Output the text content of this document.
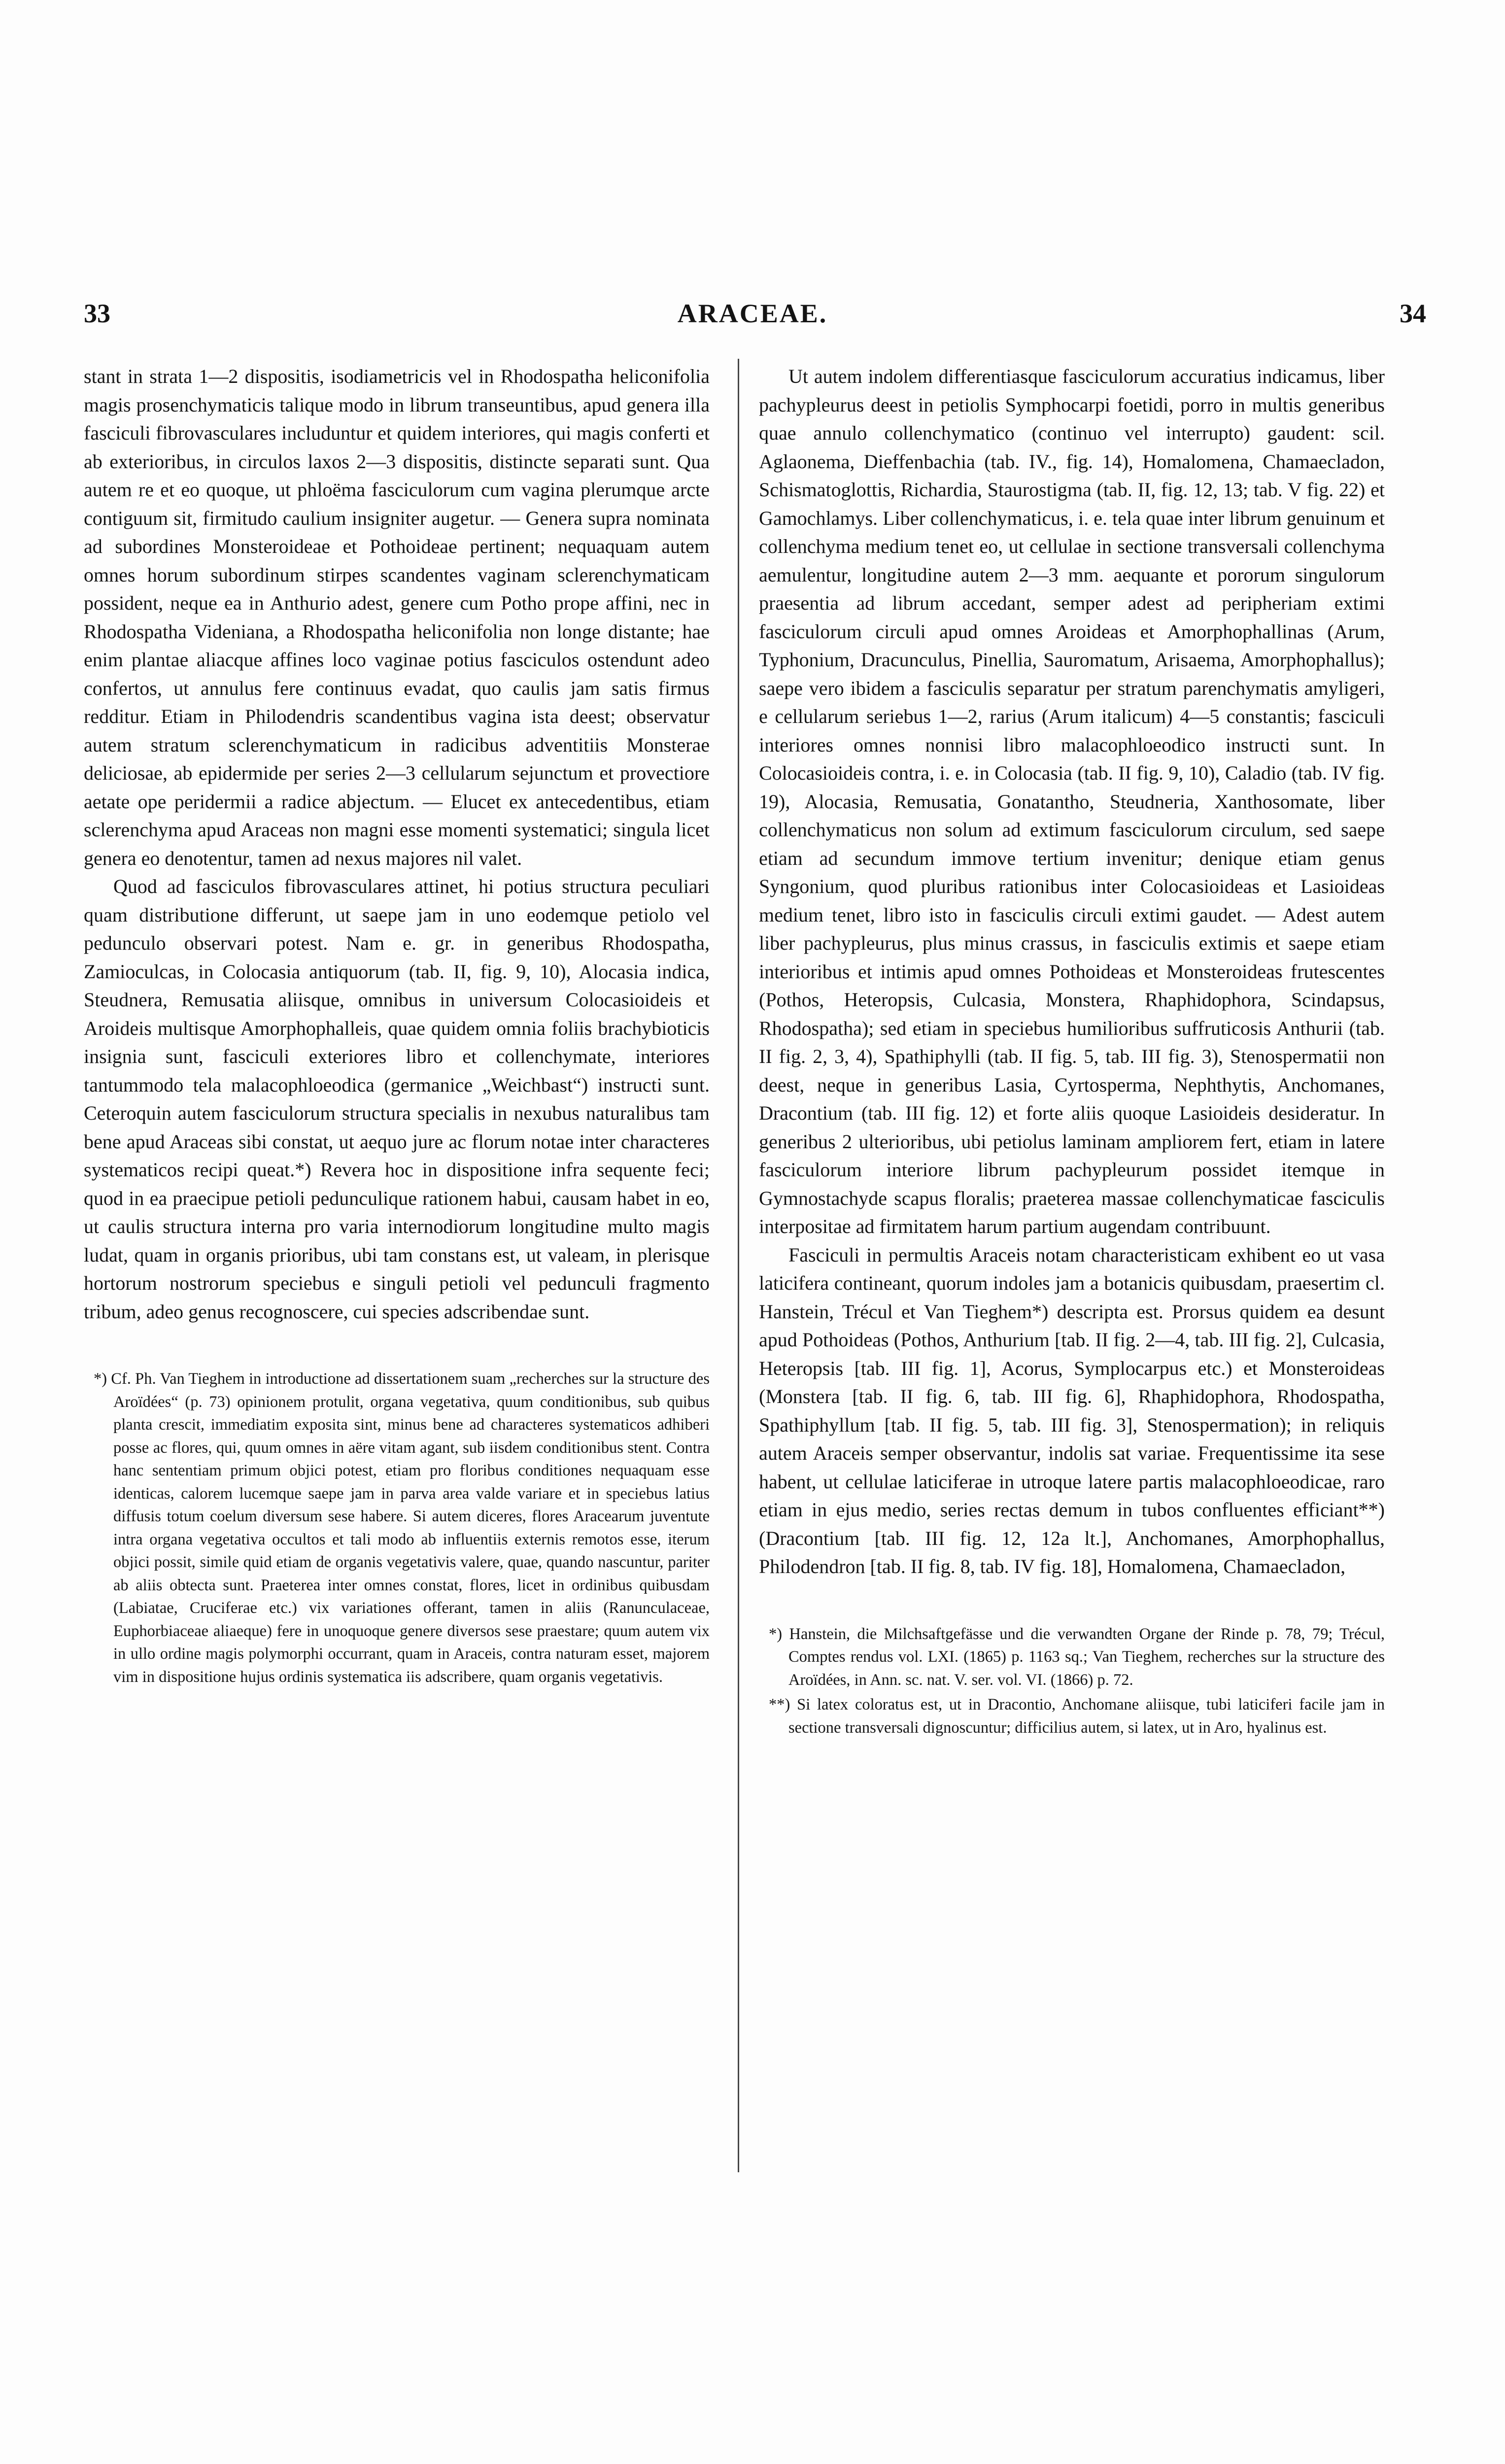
33	ARACEAE.	34

stant in strata 1—2 dispositis, isodiametricis vel in Rhodospatha heliconifolia magis prosenchymaticis talique modo in librum transeuntibus, apud genera illa fasciculi fibrovasculares includuntur et quidem interiores, qui magis conferti et ab exterioribus, in circulos laxos 2—3 dispositis, distincte separati sunt. Qua autem re et eo quoque, ut phloëma fasciculorum cum vagina plerumque arcte contiguum sit, firmitudo caulium insigniter augetur. — Genera supra nominata ad subordines Monsteroideae et Pothoideae pertinent; nequaquam autem omnes horum subordinum stirpes scandentes vaginam sclerenchymaticam possident, neque ea in Anthurio adest, genere cum Potho prope affini, nec in Rhodospatha Videniana, a Rhodospatha heliconifolia non longe distante; hae enim plantae aliacque affines loco vaginae potius fasciculos ostendunt adeo confertos, ut annulus fere continuus evadat, quo caulis jam satis firmus redditur. Etiam in Philodendris scandentibus vagina ista deest; observatur autem stratum sclerenchymaticum in radicibus adventitiis Monsterae deliciosae, ab epidermide per series 2—3 cellularum sejunctum et provectiore aetate ope peridermii a radice abjectum. — Elucet ex antecedentibus, etiam sclerenchyma apud Araceas non magni esse momenti systematici; singula licet genera eo denotentur, tamen ad nexus majores nil valet.

Quod ad fasciculos fibrovasculares attinet, hi potius structura peculiari quam distributione differunt, ut saepe jam in uno eodemque petiolo vel pedunculo observari potest. Nam e. gr. in generibus Rhodospatha, Zamioculcas, in Colocasia antiquorum (tab. II, fig. 9, 10), Alocasia indica, Steudnera, Remusatia aliisque, omnibus in universum Colocasioideis et Aroideis multisque Amorphophalleis, quae quidem omnia foliis brachybioticis insignia sunt, fasciculi exteriores libro et collenchymate, interiores tantummodo tela malacophloeodica (germanice „Weichbast“) instructi sunt. Ceteroquin autem fasciculorum structura specialis in nexubus naturalibus tam bene apud Araceas sibi constat, ut aequo jure ac florum notae inter characteres systematicos recipi queat.*) Revera hoc in dispositione infra sequente feci; quod in ea praecipue petioli pedunculique rationem habui, causam habet in eo, ut caulis structura interna pro varia internodiorum longitudine multo magis ludat, quam in organis prioribus, ubi tam constans est, ut valeam, in plerisque hortorum nostrorum speciebus e singuli petioli vel pedunculi fragmento tribum, adeo genus recognoscere, cui species adscribendae sunt.

*) Cf. Ph. Van Tieghem in introductione ad dissertationem suam „recherches sur la structure des Aroïdées“ (p. 73) opinionem protulit, organa vegetativa, quum conditionibus, sub quibus planta crescit, immediatim exposita sint, minus bene ad characteres systematicos adhiberi posse ac flores, qui, quum omnes in aëre vitam agant, sub iisdem conditionibus stent. Contra hanc sententiam primum objici potest, etiam pro floribus conditiones nequaquam esse identicas, calorem lucemque saepe jam in parva area valde variare et in speciebus latius diffusis totum coelum diversum sese habere. Si autem diceres, flores Aracearum juventute intra organa vegetativa occultos et tali modo ab influentiis externis remotos esse, iterum objici possit, simile quid etiam de organis vegetativis valere, quae, quando nascuntur, pariter ab aliis obtecta sunt. Praeterea inter omnes constat, flores, licet in ordinibus quibusdam (Labiatae, Cruciferae etc.) vix variationes offerant, tamen in aliis (Ranunculaceae, Euphorbiaceae aliaeque) fere in unoquoque genere diversos sese praestare; quum autem vix in ullo ordine magis polymorphi occurrant, quam in Araceis, contra naturam esset, majorem vim in dispositione hujus ordinis systematica iis adscribere, quam organis vegetativis.

Ut autem indolem differentiasque fasciculorum accuratius indicamus, liber pachypleurus deest in petiolis Symphocarpi foetidi, porro in multis generibus quae annulo collenchymatico (continuo vel interrupto) gaudent: scil. Aglaonema, Dieffenbachia (tab. IV., fig. 14), Homalomena, Chamaecladon, Schismatoglottis, Richardia, Staurostigma (tab. II, fig. 12, 13; tab. V fig. 22) et Gamochlamys. Liber collenchymaticus, i. e. tela quae inter librum genuinum et collenchyma medium tenet eo, ut cellulae in sectione transversali collenchyma aemulentur, longitudine autem 2—3 mm. aequante et pororum singulorum praesentia ad librum accedant, semper adest ad peripheriam extimi fasciculorum circuli apud omnes Aroideas et Amorphophallinas (Arum, Typhonium, Dracunculus, Pinellia, Sauromatum, Arisaema, Amorphophallus); saepe vero ibidem a fasciculis separatur per stratum parenchymatis amyligeri, e cellularum seriebus 1—2, rarius (Arum italicum) 4—5 constantis; fasciculi interiores omnes nonnisi libro malacophloeodico instructi sunt. In Colocasioideis contra, i. e. in Colocasia (tab. II fig. 9, 10), Caladio (tab. IV fig. 19), Alocasia, Remusatia, Gonatantho, Steudneria, Xanthosomate, liber collenchymaticus non solum ad extimum fasciculorum circulum, sed saepe etiam ad secundum immove tertium invenitur; denique etiam genus Syngonium, quod pluribus rationibus inter Colocasioideas et Lasioideas medium tenet, libro isto in fasciculis circuli extimi gaudet. — Adest autem liber pachypleurus, plus minus crassus, in fasciculis extimis et saepe etiam interioribus et intimis apud omnes Pothoideas et Monsteroideas frutescentes (Pothos, Heteropsis, Culcasia, Monstera, Rhaphidophora, Scindapsus, Rhodospatha); sed etiam in speciebus humilioribus suffruticosis Anthurii (tab. II fig. 2, 3, 4), Spathiphylli (tab. II fig. 5, tab. III fig. 3), Stenospermatii non deest, neque in generibus Lasia, Cyrtosperma, Nephthytis, Anchomanes, Dracontium (tab. III fig. 12) et forte aliis quoque Lasioideis desideratur. In generibus 2 ulterioribus, ubi petiolus laminam ampliorem fert, etiam in latere fasciculorum interiore librum pachypleurum possidet itemque in Gymnostachyde scapus floralis; praeterea massae collenchymaticae fasciculis interpositae ad firmitatem harum partium augendam contribuunt.

Fasciculi in permultis Araceis notam characteristicam exhibent eo ut vasa laticifera contineant, quorum indoles jam a botanicis quibusdam, praesertim cl. Hanstein, Trécul et Van Tieghem*) descripta est. Prorsus quidem ea desunt apud Pothoideas (Pothos, Anthurium [tab. II fig. 2—4, tab. III fig. 2], Culcasia, Heteropsis [tab. III fig. 1], Acorus, Symplocarpus etc.) et Monsteroideas (Monstera [tab. II fig. 6, tab. III fig. 6], Rhaphidophora, Rhodospatha, Spathiphyllum [tab. II fig. 5, tab. III fig. 3], Stenospermation); in reliquis autem Araceis semper observantur, indolis sat variae. Frequentissime ita sese habent, ut cellulae laticiferae in utroque latere partis malacophloeodicae, raro etiam in ejus medio, series rectas demum in tubos confluentes efficiant**) (Dracontium [tab. III fig. 12, 12a lt.], Anchomanes, Amorphophallus, Philodendron [tab. II fig. 8, tab. IV fig. 18], Homalomena, Chamaecladon,

*) Hanstein, die Milchsaftgefässe und die verwandten Organe der Rinde p. 78, 79; Trécul, Comptes rendus vol. LXI. (1865) p. 1163 sq.; Van Tieghem, recherches sur la structure des Aroïdées, in Ann. sc. nat. V. ser. vol. VI. (1866) p. 72.

**) Si latex coloratus est, ut in Dracontio, Anchomane aliisque, tubi laticiferi facile jam in sectione transversali dignoscuntur; difficilius autem, si latex, ut in Aro, hyalinus est.
